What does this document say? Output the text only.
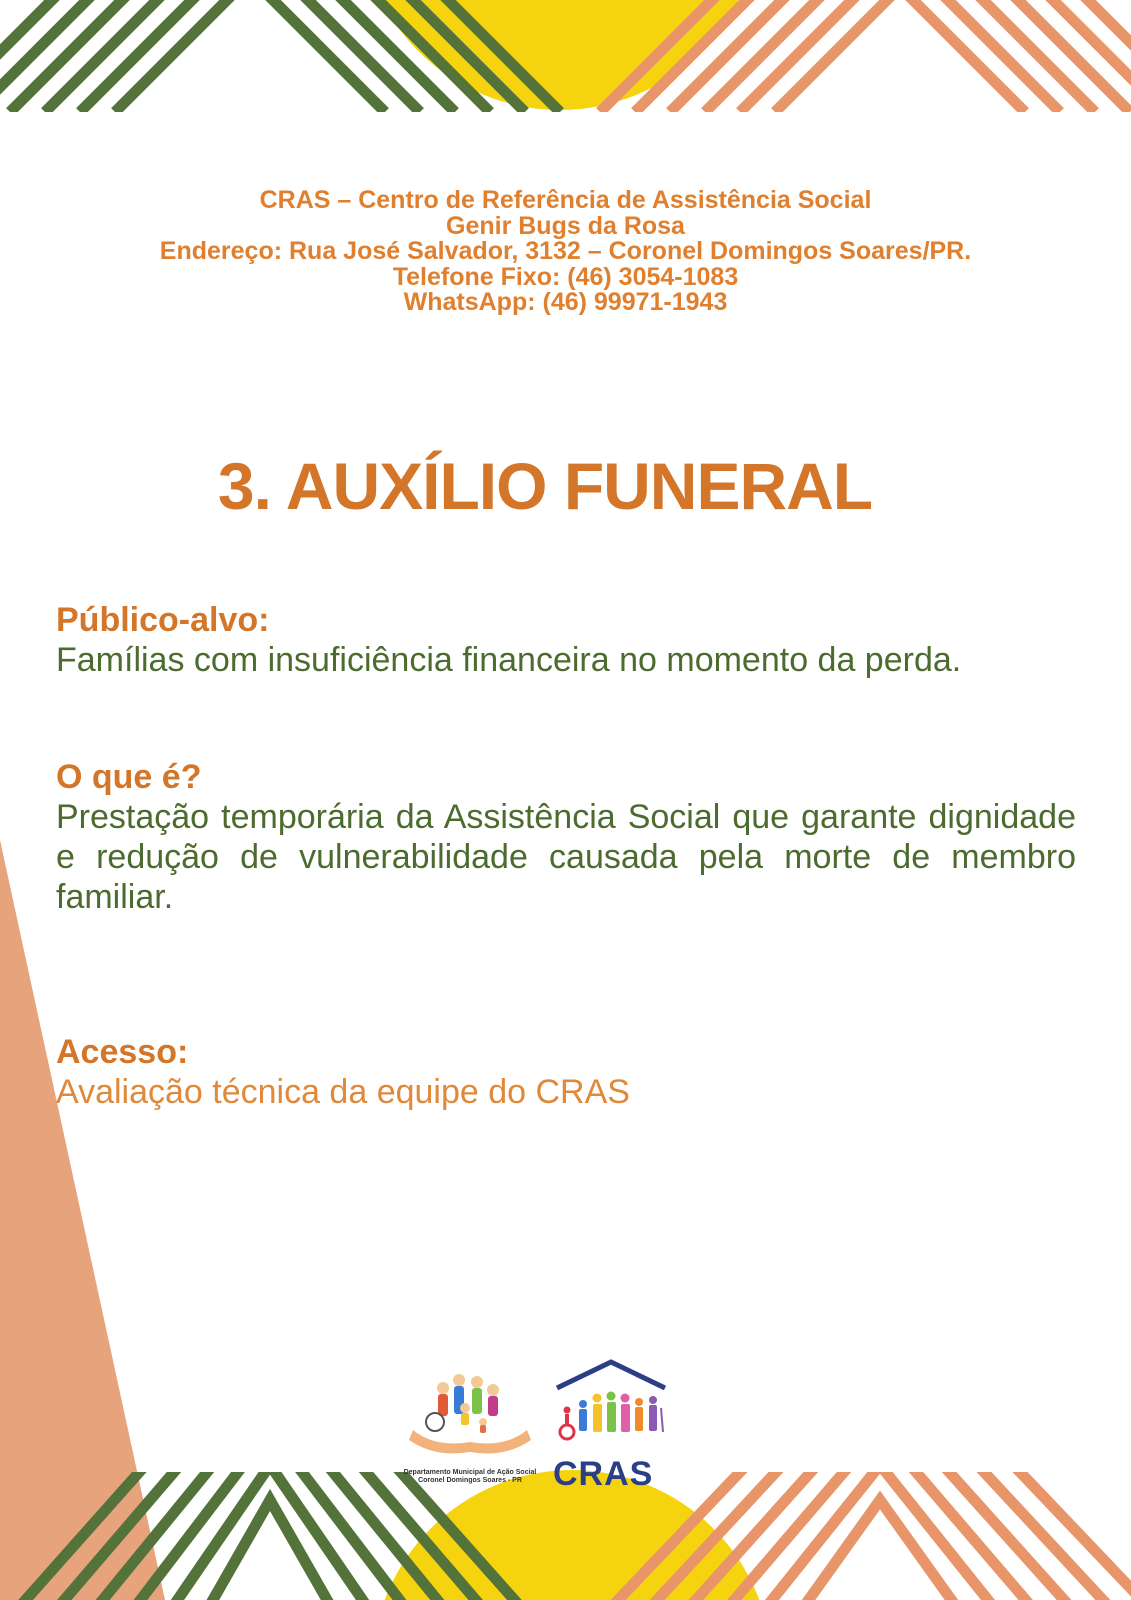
CRAS – Centro de Referência de Assistência Social
Genir Bugs da Rosa
Endereço: Rua José Salvador, 3132 – Coronel Domingos Soares/PR.
Telefone Fixo: (46) 3054-1083
WhatsApp: (46) 99971-1943
3. AUXÍLIO FUNERAL
Público-alvo:
Famílias com insuficiência financeira no momento da perda.
O que é?
Prestação temporária da Assistência Social que garante dignidade e redução de vulnerabilidade causada pela morte de membro familiar.
Acesso:
Avaliação técnica da equipe do CRAS
Departamento Municipal de Ação Social
Coronel Domingos Soares - PR CRAS
